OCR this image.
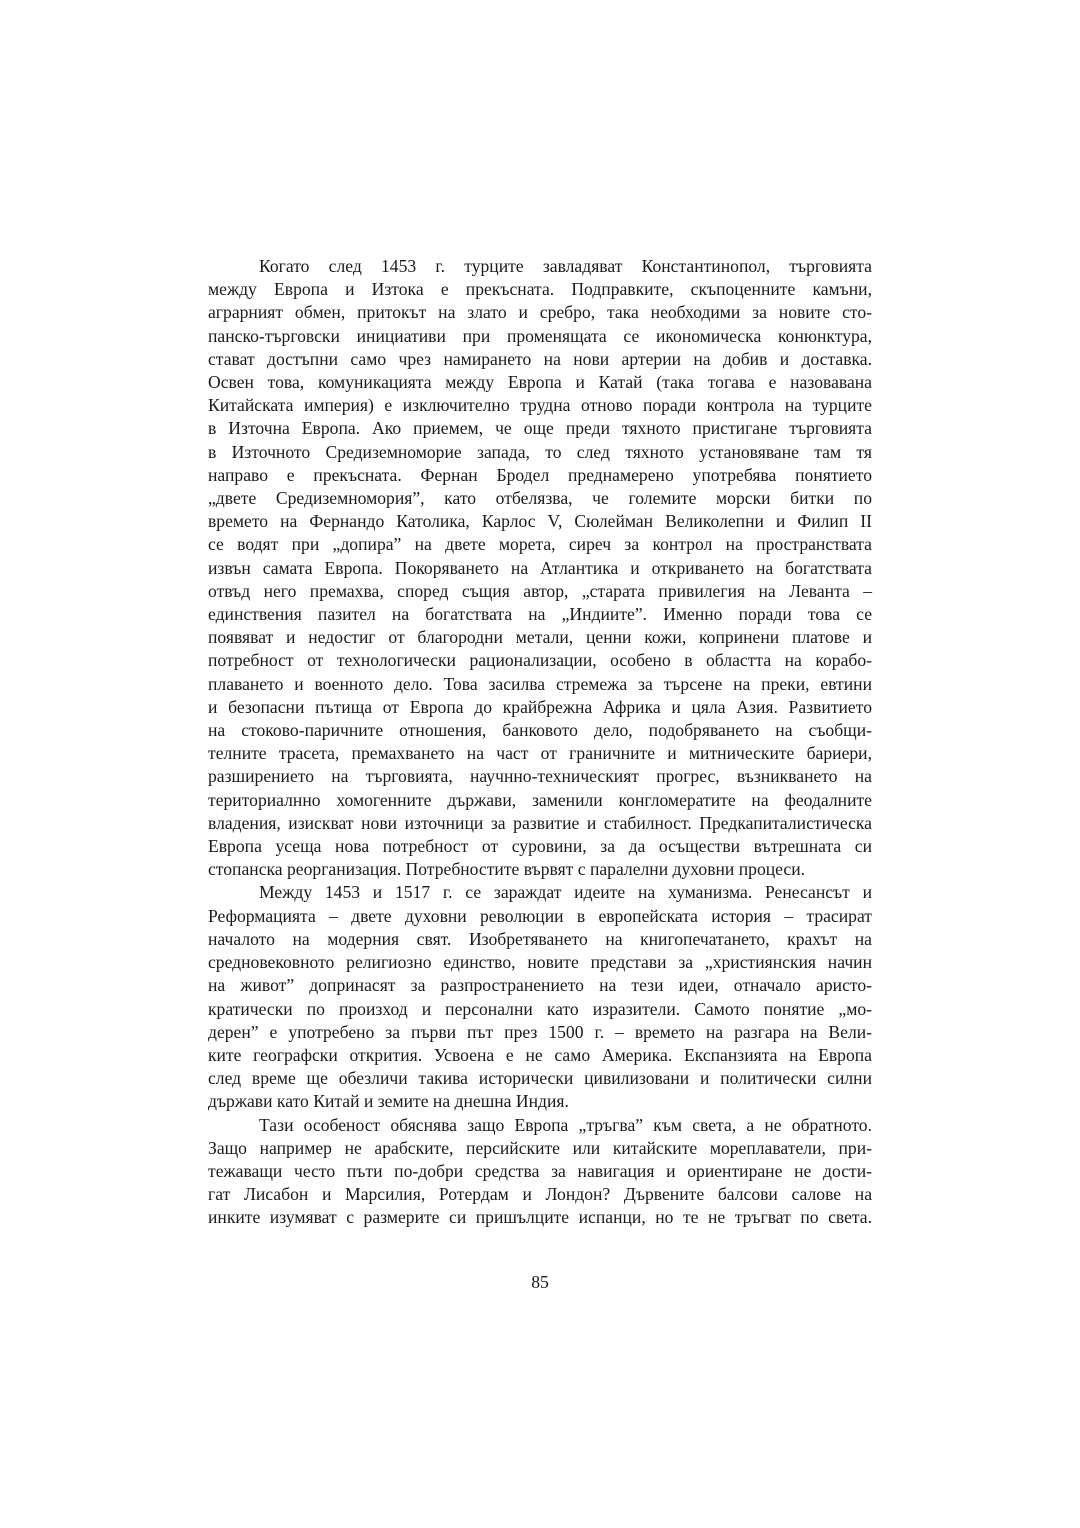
Когато след 1453 г. турците завладяват Константинопол, търговията
между Европа и Изтока е прекъсната. Подправките, скъпоценните камъни,
аграрният обмен, притокът на злато и сребро, така необходими за новите сто-
панско-търговски инициативи при променящата се икономическа конюнктура,
стават достъпни само чрез намирането на нови артерии на добив и доставка.
Освен това, комуникацията между Европа и Катай (така тогава е назовавана
Китайската империя) е изключително трудна отново поради контрола на турците
в Източна Европа. Ако приемем, че още преди тяхното пристигане търговията
в Източното Средиземноморие запада, то след тяхното установяване там тя
направо е прекъсната. Фернан Бродел преднамерено употребява понятието
„двете Средиземномория”, като отбелязва, че големите морски битки по
времето на Фернандо Католика, Карлос V, Сюлейман Великолепни и Филип II
се водят при „допира” на двете морета, сиреч за контрол на пространствата
извън самата Европа. Покоряването на Атлантика и откриването на богатствата
отвъд него премахва, според същия автор, „старата привилегия на Леванта –
единствения пазител на богатствата на „Индиите”. Именно поради това се
появяват и недостиг от благородни метали, ценни кожи, копринени платове и
потребност от технологически рационализации, особено в областта на корабо-
плаването и военното дело. Това засилва стремежа за търсене на преки, евтини
и безопасни пътища от Европа до крайбрежна Африка и цяла Азия. Развитието
на стоково-паричните отношения, банковото дело, подобряването на съобщи-
телните трасета, премахването на част от граничните и митническите бариери,
разширението на търговията, научнно-техническият прогрес, възникването на
териториалнно хомогенните държави, заменили конгломератите на феодалните
владения, изискват нови източници за развитие и стабилност. Предкапиталистическа
Европа усеща нова потребност от суровини, за да осъществи вътрешната си
стопанска реорганизация. Потребностите вървят с паралелни духовни процеси.
Между 1453 и 1517 г. се зараждат идеите на хуманизма. Ренесансът и
Реформацията – двете духовни революции в европейската история – трасират
началото на модерния свят. Изобретяването на книгопечатането, крахът на
средновековното религиозно единство, новите представи за „християнския начин
на живот” допринасят за разпространението на тези идеи, отначало аристо-
кратически по произход и персонални като изразители. Самото понятие „мо-
дерен” е употребено за първи път през 1500 г. – времето на разгара на Вели-
ките географски открития. Усвоена е не само Америка. Експанзията на Европа
след време ще обезличи такива исторически цивилизовани и политически силни
държави като Китай и земите на днешна Индия.
Тази особеност обяснява защо Европа „тръгва” към света, а не обратното.
Защо например не арабските, персийските или китайските мореплаватели, при-
тежаващи често пъти по-добри средства за навигация и ориентиране не дости-
гат Лисабон и Марсилия, Ротердам и Лондон? Дървените балсови салове на
инките изумяват с размерите си пришълците испанци, но те не тръгват по света.
85
